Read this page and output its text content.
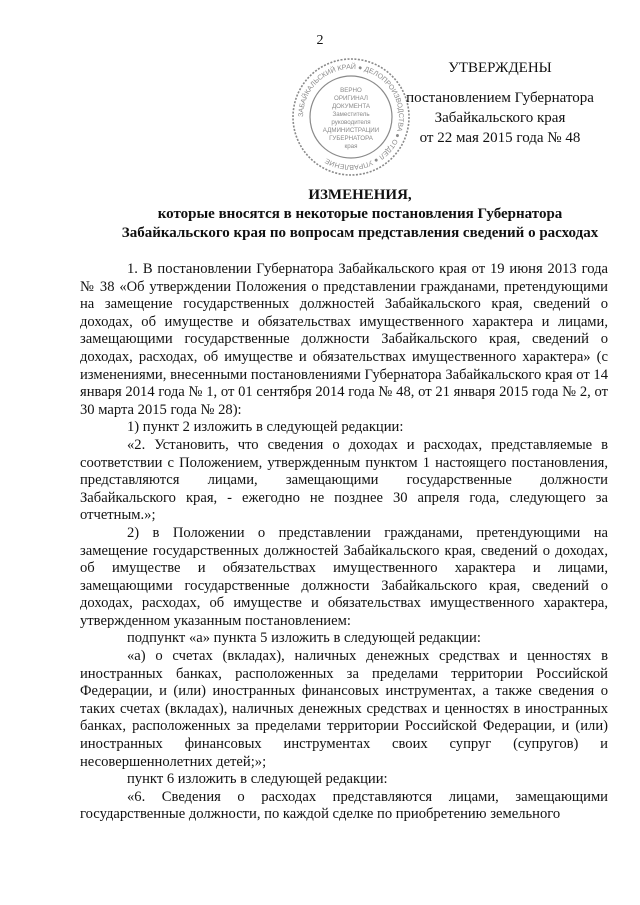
2
ЗАБАЙКАЛЬСКИЙ КРАЙ ● ДЕЛОПРОИЗВОДСТВА ● ОТДЕЛ ● УПРАВЛЕНИЕ
ВЕРНО
ОРИГИНАЛ
ДОКУМЕНТА
Заместитель
руководителя
АДМИНИСТРАЦИИ
ГУБЕРНАТОРА
края
УТВЕРЖДЕНЫ
постановлением Губернатора
Забайкальского края
от 22 мая 2015 года № 48
ИЗМЕНЕНИЯ,
которые вносятся в некоторые постановления Губернатора
Забайкальского края по вопросам представления сведений о расходах

1. В постановлении Губернатора Забайкальского края от 19 июня 2013 года № 38 «Об утверждении Положения о представлении гражданами, претендующими на замещение государственных должностей Забайкальского края, сведений о доходах, об имуществе и обязательствах имущественного характера и лицами, замещающими государственные должности Забайкальского края, сведений о доходах, расходах, об имуществе и обязательствах имущественного характера» (с изменениями, внесенными постановлениями Губернатора Забайкальского края от 14 января 2014 года № 1, от 01 сентября 2014 года № 48, от 21 января 2015 года № 2, от 30 марта 2015 года № 28):

1) пункт 2 изложить в следующей редакции:

«2. Установить, что сведения о доходах и расходах, представляемые в соответствии с Положением, утвержденным пунктом 1 настоящего постановления, представляются лицами, замещающими государственные должности Забайкальского края, - ежегодно не позднее 30 апреля года, следующего за отчетным.»;

2) в Положении о представлении гражданами, претендующими на замещение государственных должностей Забайкальского края, сведений о доходах, об имуществе и обязательствах имущественного характера и лицами, замещающими государственные должности Забайкальского края, сведений о доходах, расходах, об имуществе и обязательствах имущественного характера, утвержденном указанным постановлением:

подпункт «а» пункта 5 изложить в следующей редакции:

«а) о счетах (вкладах), наличных денежных средствах и ценностях в иностранных банках, расположенных за пределами территории Российской Федерации, и (или) иностранных финансовых инструментах, а также сведения о таких счетах (вкладах), наличных денежных средствах и ценностях в иностранных банках, расположенных за пределами территории Российской Федерации, и (или) иностранных финансовых инструментах своих супруг (супругов) и несовершеннолетних детей;»;

пункт 6 изложить в следующей редакции:

«6. Сведения о расходах представляются лицами, замещающими государственные должности, по каждой сделке по приобретению земельного
